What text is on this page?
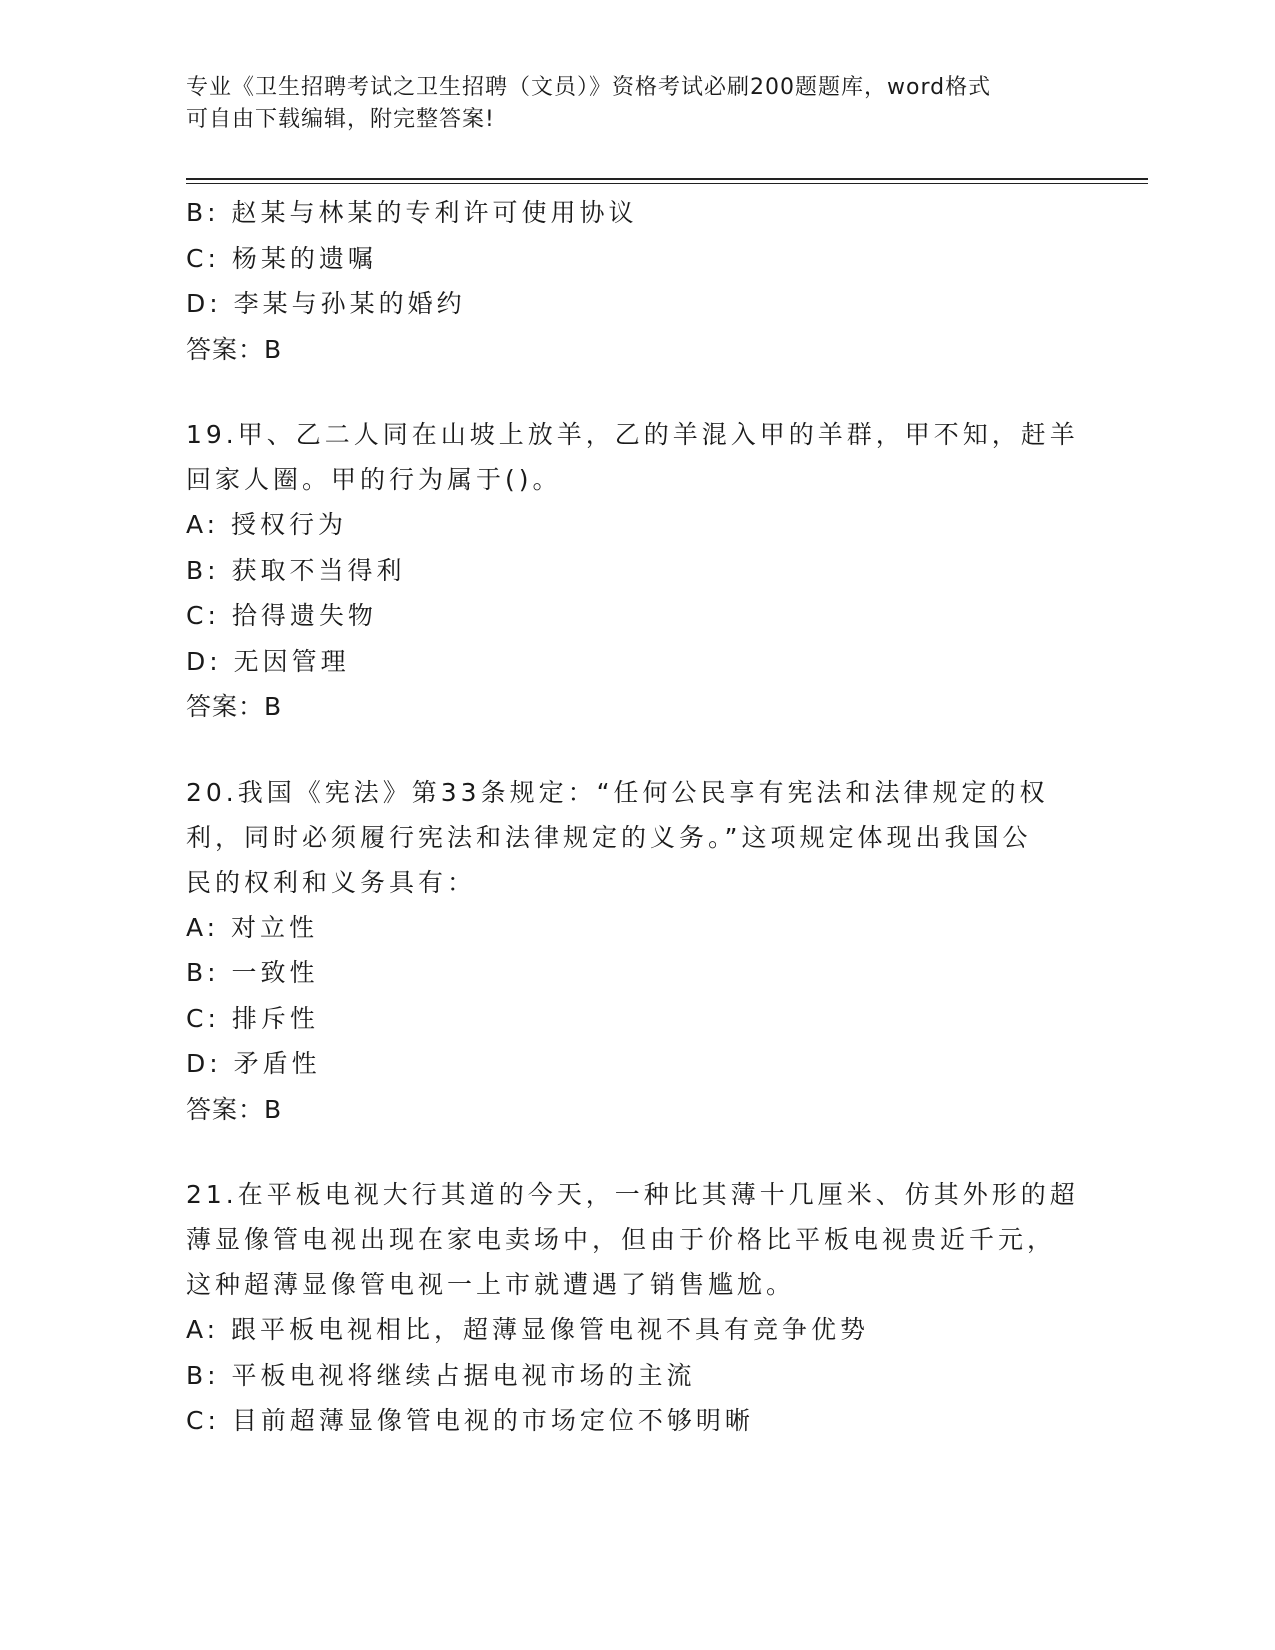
专业《卫生招聘考试之卫生招聘（文员）》资格考试必刷200题题库，word格式
可自由下载编辑，附完整答案!
B: 赵某与林某的专利许可使用协议
C: 杨某的遗嘱
D: 李某与孙某的婚约
答案：B
19.甲、乙二人同在山坡上放羊，乙的羊混入甲的羊群，甲不知，赶羊
回家人圈。甲的行为属于()。
A: 授权行为
B: 获取不当得利
C: 拾得遗失物
D: 无因管理
答案：B
20.我国《宪法》第33条规定：“任何公民享有宪法和法律规定的权
利，同时必须履行宪法和法律规定的义务。”这项规定体现出我国公
民的权利和义务具有：
A: 对立性
B: 一致性
C: 排斥性
D: 矛盾性
答案：B
21.在平板电视大行其道的今天，一种比其薄十几厘米、仿其外形的超
薄显像管电视出现在家电卖场中，但由于价格比平板电视贵近千元，
这种超薄显像管电视一上市就遭遇了销售尴尬。
A: 跟平板电视相比，超薄显像管电视不具有竞争优势
B: 平板电视将继续占据电视市场的主流
C: 目前超薄显像管电视的市场定位不够明晰
